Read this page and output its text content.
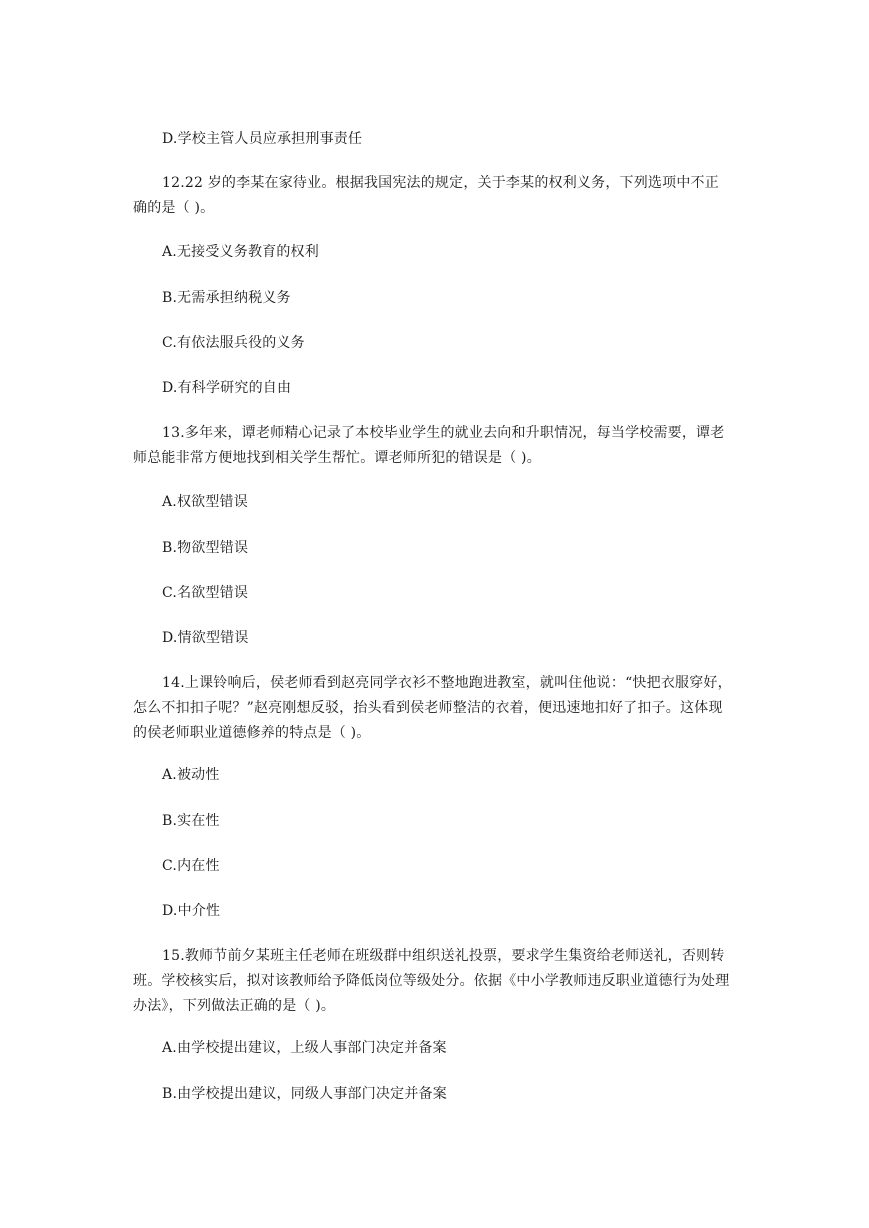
D.学校主管人员应承担刑事责任
12.22 岁的李某在家待业。根据我国宪法的规定，关于李某的权利义务，下列选项中不正确的是（ )。
A.无接受义务教育的权利
B.无需承担纳税义务
C.有依法服兵役的义务
D.有科学研究的自由
13.多年来，谭老师精心记录了本校毕业学生的就业去向和升职情况，每当学校需要，谭老师总能非常方便地找到相关学生帮忙。谭老师所犯的错误是（ )。
A.权欲型错误
B.物欲型错误
C.名欲型错误
D.情欲型错误
14.上课铃响后，侯老师看到赵亮同学衣衫不整地跑进教室，就叫住他说：“快把衣服穿好，怎么不扣扣子呢？”赵亮刚想反驳，抬头看到侯老师整洁的衣着，便迅速地扣好了扣子。这体现的侯老师职业道德修养的特点是（ )。
A.被动性
B.实在性
C.内在性
D.中介性
15.教师节前夕某班主任老师在班级群中组织送礼投票，要求学生集资给老师送礼，否则转班。学校核实后，拟对该教师给予降低岗位等级处分。依据《中小学教师违反职业道德行为处理办法》，下列做法正确的是（ )。
A.由学校提出建议，上级人事部门决定并备案
B.由学校提出建议，同级人事部门决定并备案
